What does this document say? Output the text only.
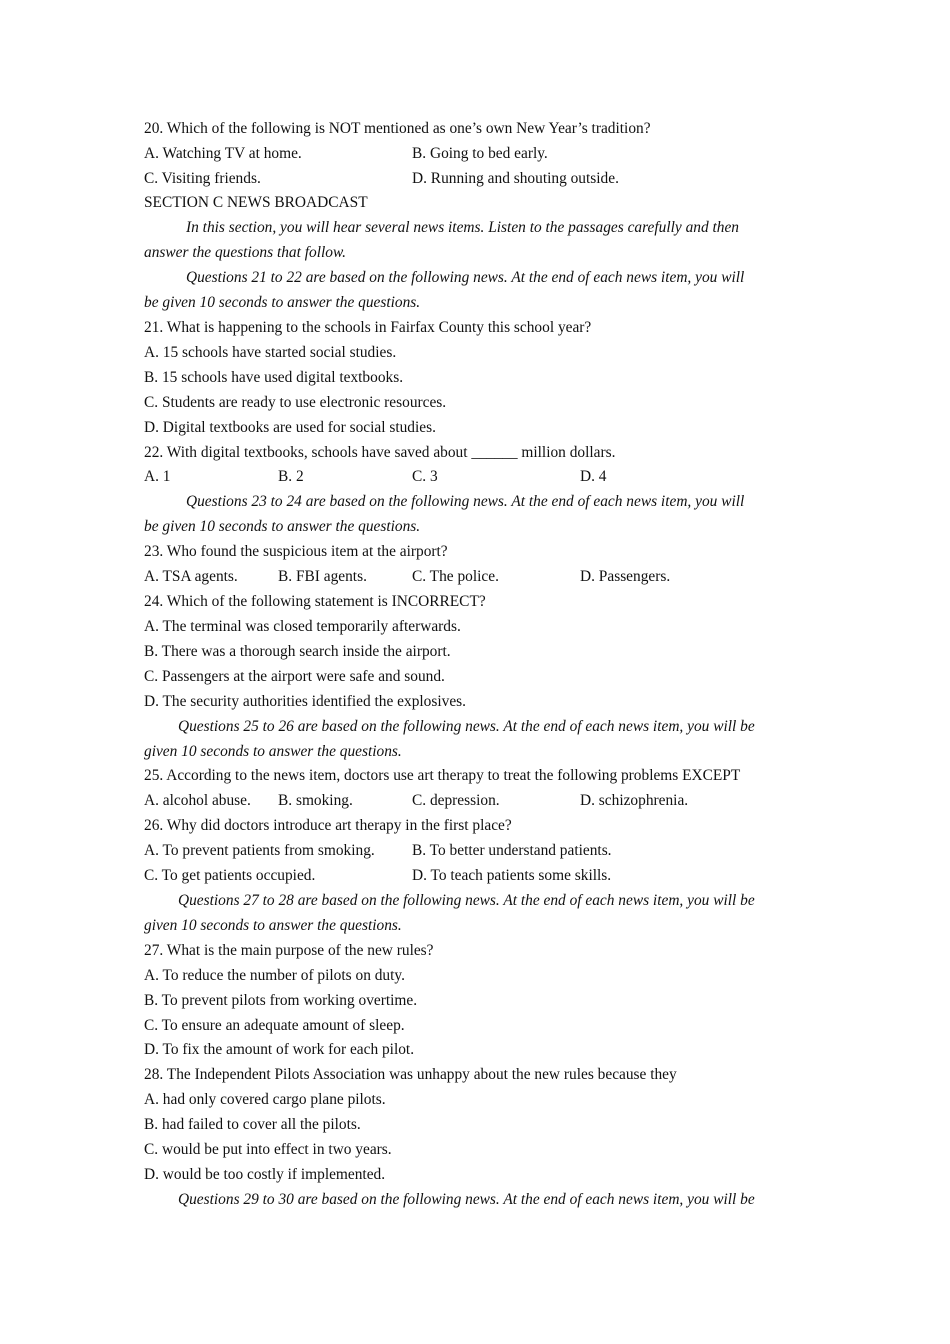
20. Which of the following is NOT mentioned as one’s own New Year’s tradition?
A. Watching TV at home.	B. Going to bed early.
C. Visiting friends.	D. Running and shouting outside.
SECTION C NEWS BROADCAST
In this section, you will hear several news items. Listen to the passages carefully and then
answer the questions that follow.
Questions 21 to 22 are based on the following news. At the end of each news item, you will
be given 10 seconds to answer the questions.
21. What is happening to the schools in Fairfax County this school year?
A. 15 schools have started social studies.
B. 15 schools have used digital textbooks.
C. Students are ready to use electronic resources.
D. Digital textbooks are used for social studies.
22. With digital textbooks, schools have saved about ______ million dollars.
A. 1	B. 2	C. 3	D. 4
Questions 23 to 24 are based on the following news. At the end of each news item, you will
be given 10 seconds to answer the questions.
23. Who found the suspicious item at the airport?
A. TSA agents.	B. FBI agents.	C. The police.	D. Passengers.
24. Which of the following statement is INCORRECT?
A. The terminal was closed temporarily afterwards.
B. There was a thorough search inside the airport.
C. Passengers at the airport were safe and sound.
D. The security authorities identified the explosives.
Questions 25 to 26 are based on the following news. At the end of each news item, you will be
given 10 seconds to answer the questions.
25. According to the news item, doctors use art therapy to treat the following problems EXCEPT
A. alcohol abuse. B. smoking.	C. depression.	D. schizophrenia.
26. Why did doctors introduce art therapy in the first place?
A. To prevent patients from smoking. B. To better understand patients.
C. To get patients occupied.	D. To teach patients some skills.
Questions 27 to 28 are based on the following news. At the end of each news item, you will be
given 10 seconds to answer the questions.
27. What is the main purpose of the new rules?
A. To reduce the number of pilots on duty.
B. To prevent pilots from working overtime.
C. To ensure an adequate amount of sleep.
D. To fix the amount of work for each pilot.
28. The Independent Pilots Association was unhappy about the new rules because they
A. had only covered cargo plane pilots.
B. had failed to cover all the pilots.
C. would be put into effect in two years.
D. would be too costly if implemented.
Questions 29 to 30 are based on the following news. At the end of each news item, you will be
